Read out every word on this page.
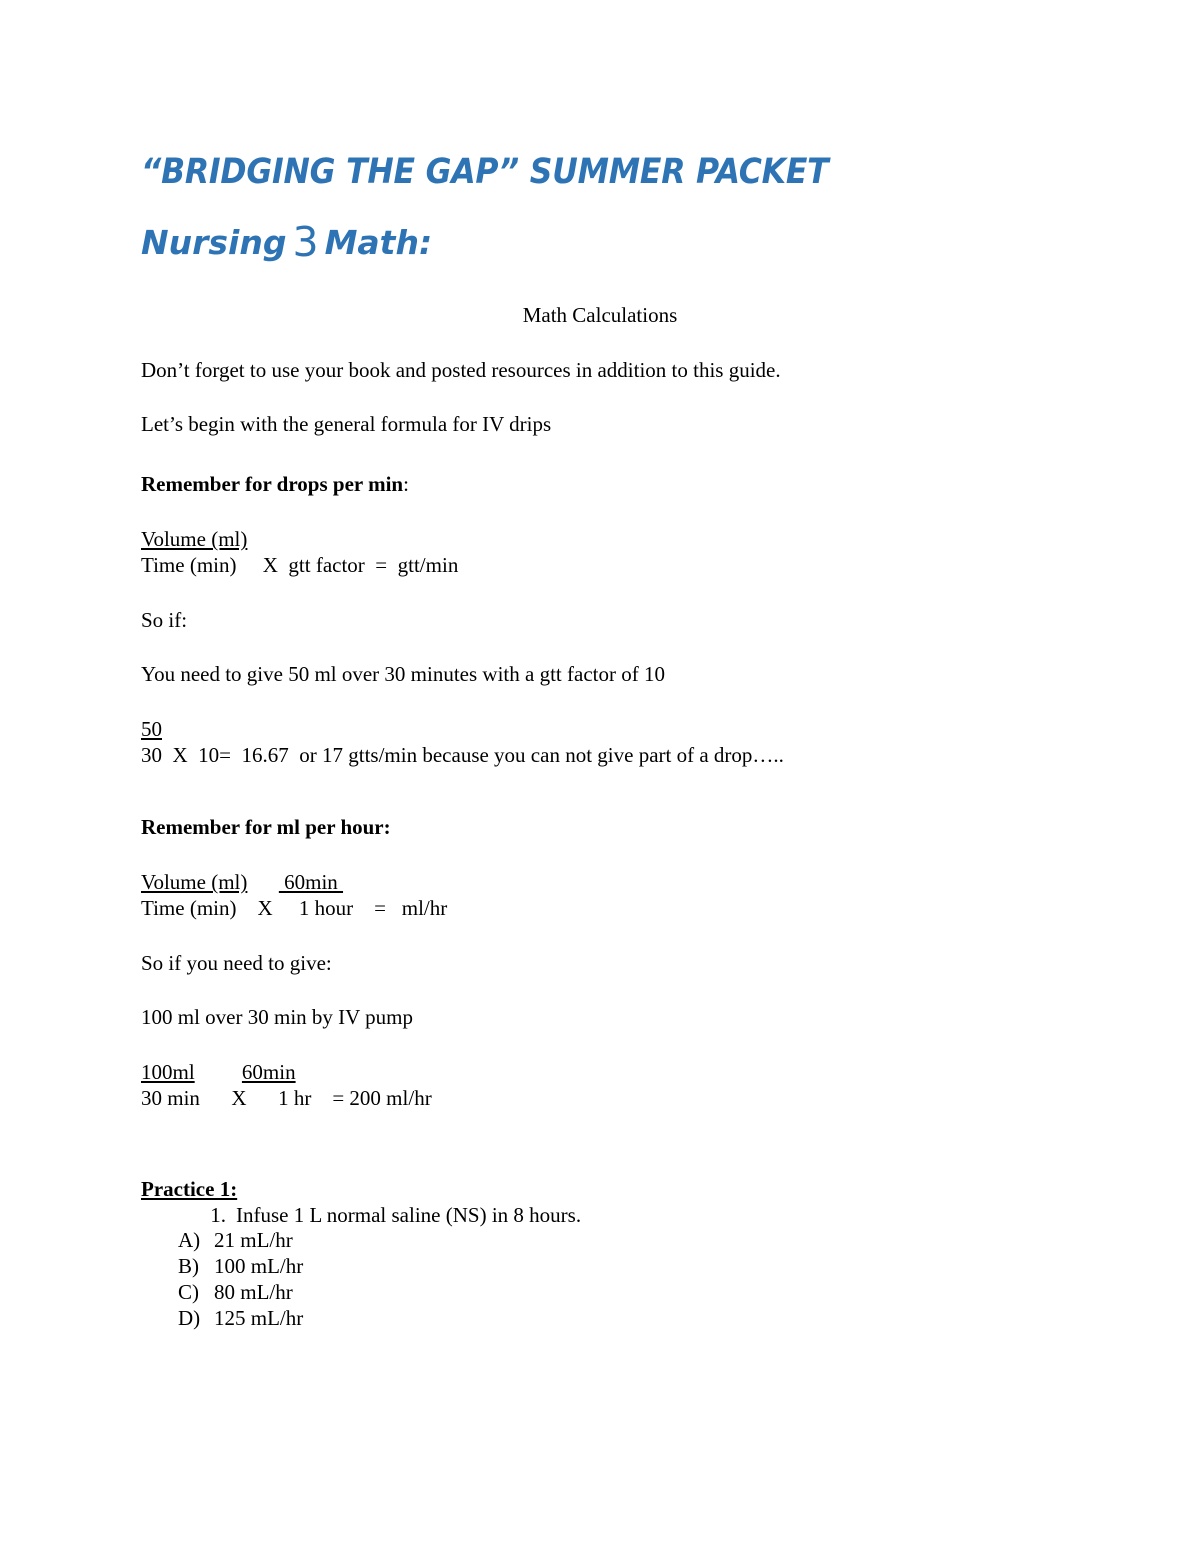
“BRIDGING THE GAP” SUMMER PACKET
Nursing 3 Math:

Math Calculations

Don’t forget to use your book and posted resources in addition to this guide.

Let’s begin with the general formula for IV drips

Remember for drops per min:

Volume (ml)
Time (min) X gtt factor = gtt/min

So if:

You need to give 50 ml over 30 minutes with a gtt factor of 10

50
30 X 10= 16.67 or 17 gtts/min because you can not give part of a drop…..

Remember for ml per hour:

Volume (ml)       60min
Time (min) X 1 hour = ml/hr

So if you need to give:

100 ml over 30 min by IV pump

100ml 60min
30 min X 1 hr = 200 ml/hr
Practice 1:

1. Infuse 1 L normal saline (NS) in 8 hours.

A) 21 mL/hr

B) 100 mL/hr

C) 80 mL/hr

D) 125 mL/hr
